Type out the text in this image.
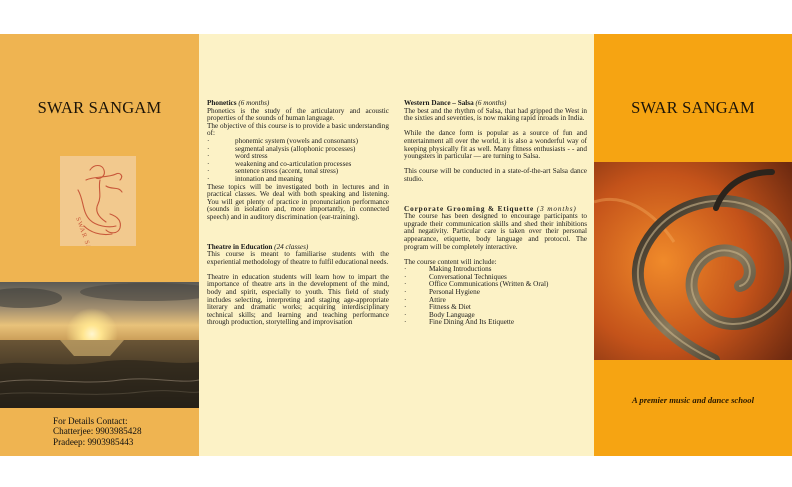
SWAR SANGAM
SWAR SANGAM
For Details Contact:
Chatterjee: 9903985428
Pradeep: 9903985443
Phonetics (6 months)

Phonetics is the study of the articulatory and acoustic properties of the sounds of human language.

The objective of this course is to provide a basic understanding of:

· phonemic system (vowels and consonants)
· segmental analysis (allophonic processes)
· word stress
· weakening and co-articulation processes
· sentence stress (accent, tonal stress)
· intonation and meaning

These topics will be investigated both in lectures and in practical classes. We deal with both speaking and listening. You will get plenty of practice in pronunciation performance (sounds in isolation and, more importantly, in connected speech) and in auditory discrimination (ear-training).

Theatre in Education (24 classes)

This course is meant to familiarise students with the experiential methodology of theatre to fulfil educational needs.

Theatre in education students will learn how to impart the importance of theatre arts in the development of the mind, body and spirit, especially to youth. This field of study includes selecting, interpreting and staging age-appropriate literary and dramatic works; acquiring interdisciplinary technical skills; and learning and teaching performance through production, storytelling and improvisation

Western Dance – Salsa (6 months)

The best and the rhythm of Salsa, that had gripped the West in the sixties and seventies, is now making rapid inroads in India.

While the dance form is popular as a source of fun and entertainment all over the world, it is also a wonderful way of keeping physically fit as well. Many fitness enthusiasts - - and youngsters in particular — are turning to Salsa.

This course will be conducted in a state-of-the-art Salsa dance studio.

Corporate Grooming & Etiquette (3 months)

The course has been designed to encourage participants to upgrade their communication skills and shed their inhibitions and negativity. Particular care is taken over their personal appearance, etiquette, body language and protocol. The program will be completely interactive.

The course content will include:

· Making Introductions
· Conversational Techniques
· Office Communications (Written & Oral)
· Personal Hygiene
· Attire
· Fitness & Diet
· Body Language
· Fine Dining And Its Etiquette
SWAR SANGAM
A premier music and dance school
